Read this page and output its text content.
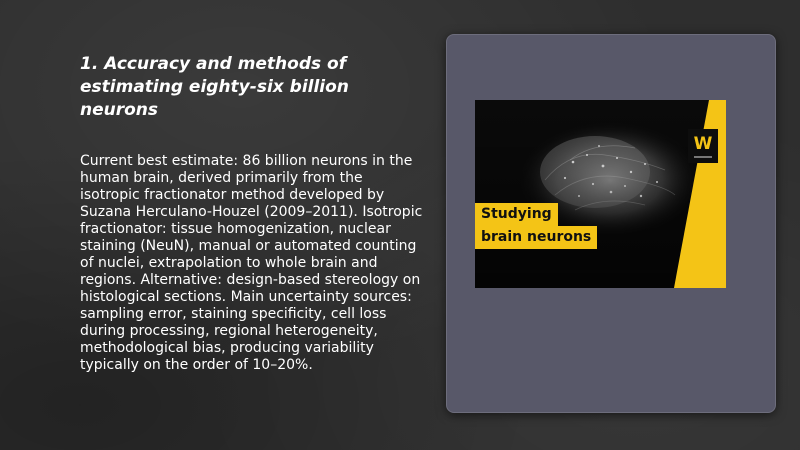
1. Accuracy and methods of estimating eighty-six billion neurons

Current best estimate: 86 billion neurons in the human brain, derived primarily from the isotropic fractionator method developed by Suzana Herculano-Houzel (2009–2011). Isotropic fractionator: tissue homogenization, nuclear staining (NeuN), manual or automated counting of nuclei, extrapolation to whole brain and regions. Alternative: design-based stereology on histological sections. Main uncertainty sources: sampling error, staining specificity, cell loss during processing, regional heterogeneity, methodological bias, producing variability typically on the order of 10–20%.

W
Studying
brain neurons
